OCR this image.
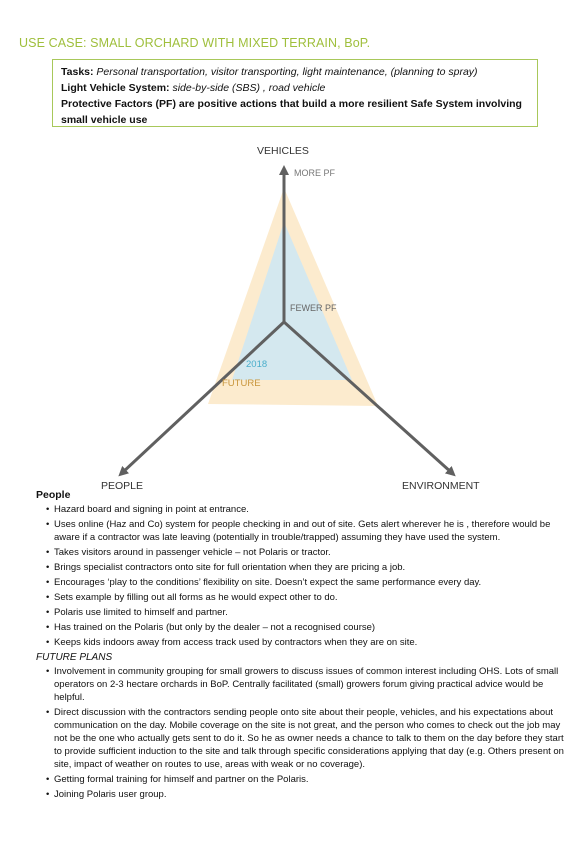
USE CASE: SMALL ORCHARD WITH MIXED TERRAIN, BoP.
Tasks: Personal transportation, visitor transporting, light maintenance, (planning to spray)
Light Vehicle System: side-by-side (SBS) , road vehicle
Protective Factors (PF) are positive actions that build a more resilient Safe System involving small vehicle use
VEHICLES
MORE PF
FEWER PF
2018
FUTURE
PEOPLE	ENVIRONMENT
People
• Hazard board and signing in point at entrance.
• Uses online (Haz and Co) system for people checking in and out of site. Gets alert wherever he is , therefore would be aware if a contractor was late leaving (potentially in trouble/trapped) assuming they have used the system.
• Takes visitors around in passenger vehicle – not Polaris or tractor.
• Brings specialist contractors onto site for full orientation when they are pricing a job.
• Encourages ‘play to the conditions’ flexibility on site. Doesn’t expect the same performance every day.
• Sets example by filling out all forms as he would expect other to do.
• Polaris use limited to himself and partner.
• Has trained on the Polaris (but only by the dealer – not a recognised course)
• Keeps kids indoors away from access track used by contractors when they are on site.
FUTURE PLANS
• Involvement in community grouping for small growers to discuss issues of common interest including OHS. Lots of small operators on 2-3 hectare orchards in BoP. Centrally facilitated (small) growers forum giving practical advice would be helpful.
• Direct discussion with the contractors sending people onto site about their people, vehicles, and his expectations about communication on the day. Mobile coverage on the site is not great, and the person who comes to check out the job may not be the one who actually gets sent to do it. So he as owner needs a chance to talk to them on the day before they start to provide sufficient induction to the site and talk through specific considerations applying that day (e.g. Others present on site, impact of weather on routes to use, areas with weak or no coverage).
• Getting formal training for himself and partner on the Polaris.
• Joining Polaris user group.
